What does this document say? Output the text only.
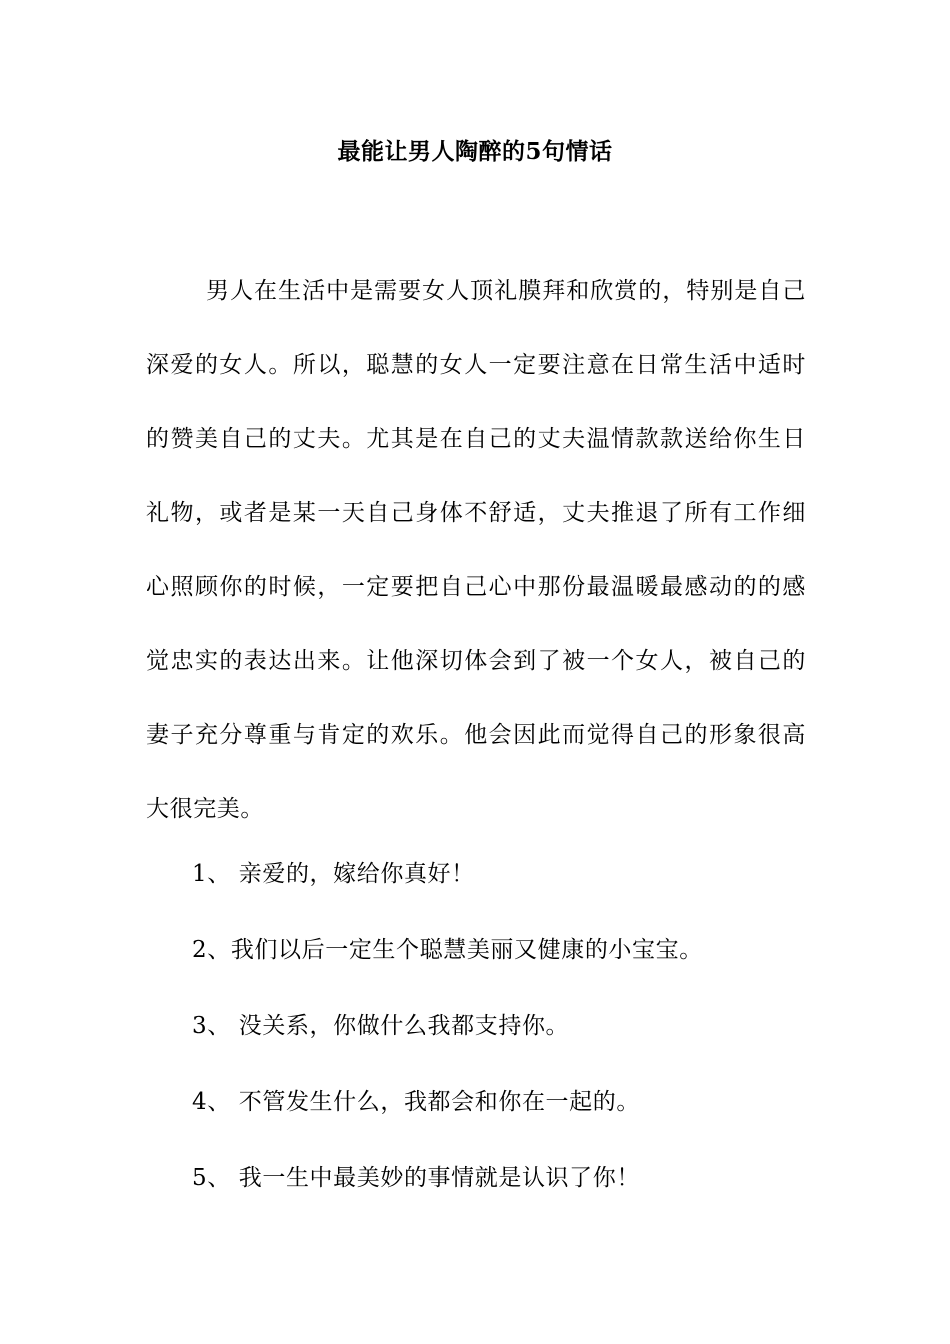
最能让男人陶醉的5句情话

男人在生活中是需要女人顶礼膜拜和欣赏的，特别是自己深爱的女人。所以，聪慧的女人一定要注意在日常生活中适时的赞美自己的丈夫。尤其是在自己的丈夫温情款款送给你生日礼物，或者是某一天自己身体不舒适，丈夫推退了所有工作细心照顾你的时候，一定要把自己心中那份最温暖最感动的的感觉忠实的表达出来。让他深切体会到了被一个女人，被自己的妻子充分尊重与肯定的欢乐。他会因此而觉得自己的形象很高大很完美。

1、 亲爱的，嫁给你真好！
2、我们以后一定生个聪慧美丽又健康的小宝宝。
3、 没关系，你做什么我都支持你。
4、 不管发生什么，我都会和你在一起的。
5、 我一生中最美妙的事情就是认识了你！
